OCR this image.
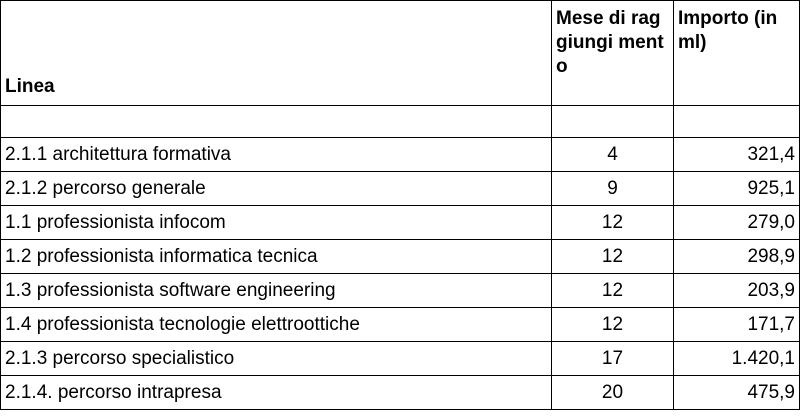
Linea	Mese di raggiungi mento	Importo (in ml)

2.1.1 architettura formativa	4	321,4
2.1.2 percorso generale	9	925,1
1.1 professionista infocom	12	279,0
1.2 professionista informatica tecnica	12	298,9
1.3 professionista software engineering	12	203,9
1.4 professionista tecnologie elettroottiche	12	171,7
2.1.3 percorso specialistico	17	1.420,1
2.1.4. percorso intrapresa	20	475,9
